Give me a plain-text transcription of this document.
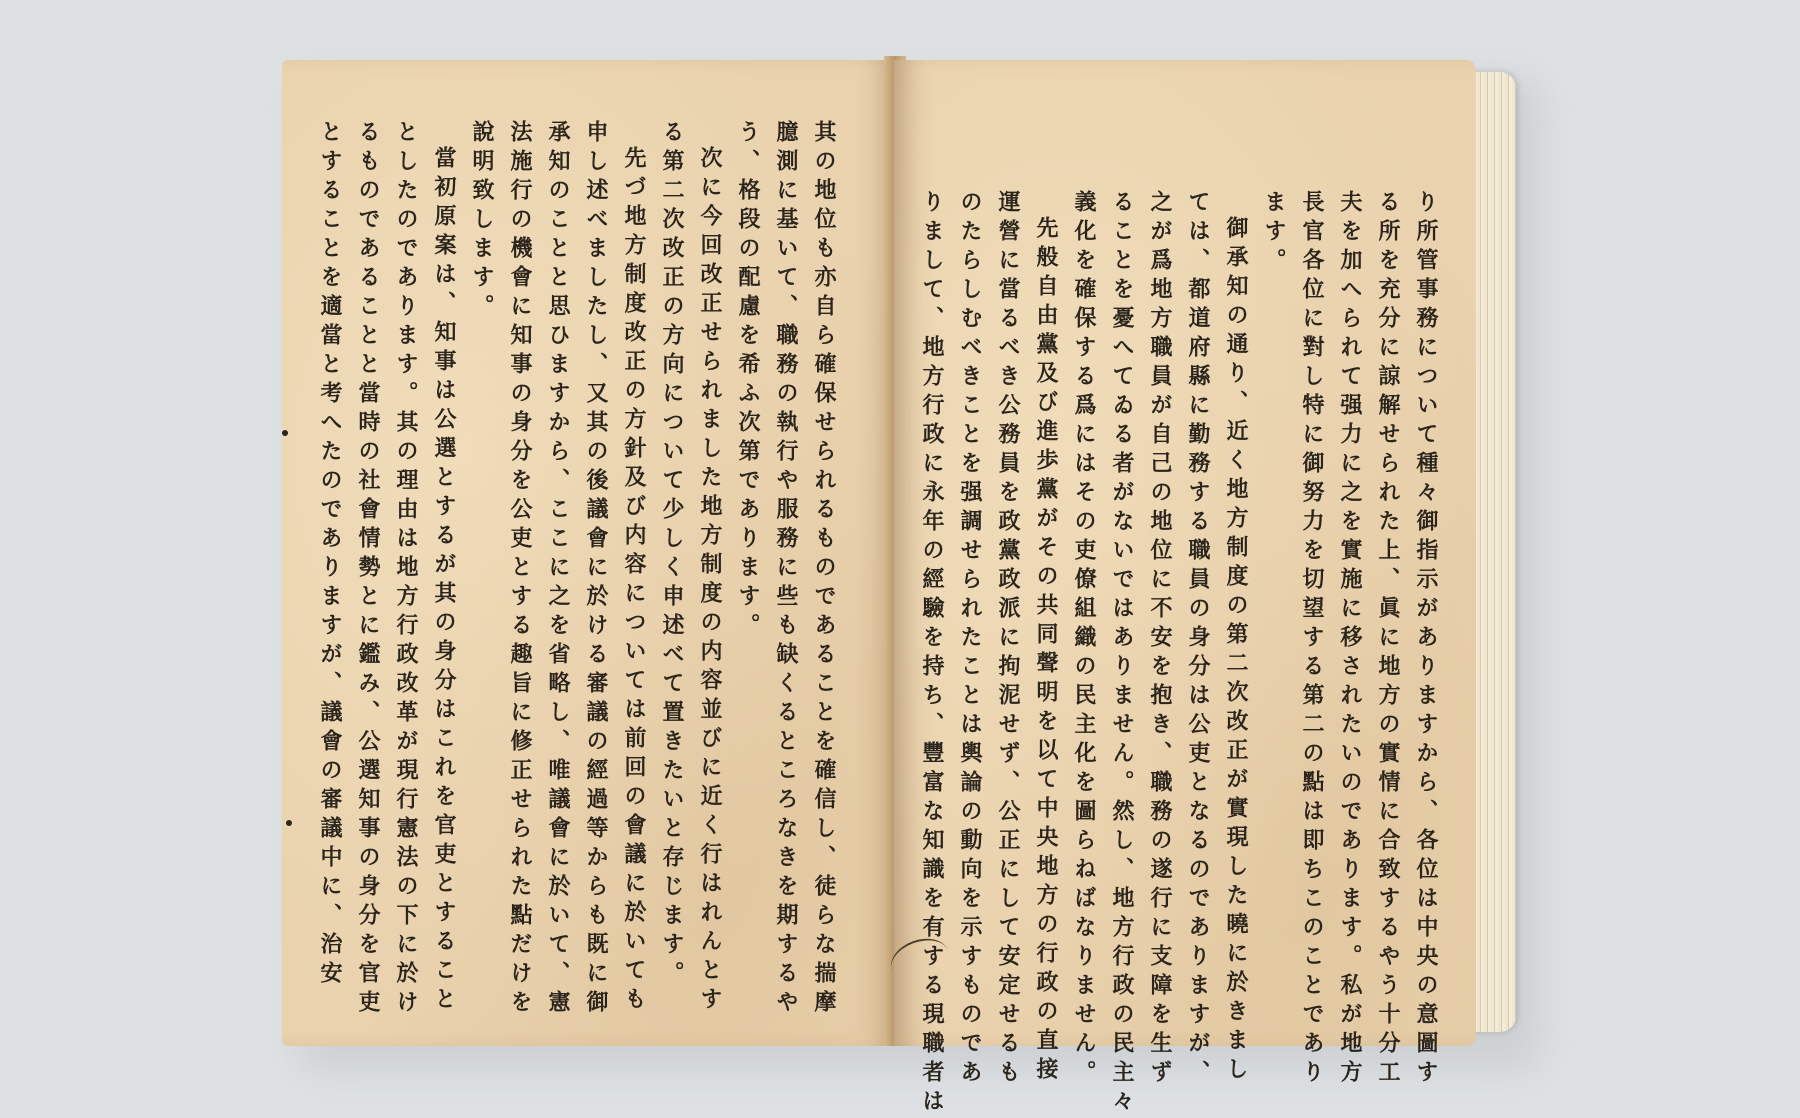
其の地位も亦自ら確保せられるものであることを確信し、徒らな揣摩
臆測に基いて、職務の執行や服務に些も缺くるところなきを期するや
う、格段の配慮を希ふ次第であります。
次に今回改正せられました地方制度の内容並びに近く行はれんとす
る第二次改正の方向について少しく申述べて置きたいと存じます。
先づ地方制度改正の方針及び内容については前回の會議に於いても
申し述べましたし、又其の後議會に於ける審議の經過等からも既に御
承知のことと思ひますから、ここに之を省略し、唯議會に於いて、憲
法施行の機會に知事の身分を公吏とする趣旨に修正せられた點だけを
說明致します。
當初原案は、知事は公選とするが其の身分はこれを官吏とすること
としたのであります。其の理由は地方行政改革が現行憲法の下に於け
るものであることと當時の社會情勢とに鑑み、公選知事の身分を官吏
とすることを適當と考へたのでありますが、議會の審議中に、治安	り所管事務について種々御指示がありますから、各位は中央の意圖す
る所を充分に諒解せられた上、眞に地方の實情に合致するやう十分工
夫を加へられて强力に之を實施に移されたいのであります。私が地方
長官各位に對し特に御努力を切望する第二の點は即ちこのことであり
ます。
御承知の通り、近く地方制度の第二次改正が實現した曉に於きまし
ては、都道府縣に勤務する職員の身分は公吏となるのでありますが、
之が爲地方職員が自己の地位に不安を抱き、職務の遂行に支障を生ず
ることを憂へてゐる者がないではありません。然し、地方行政の民主々
義化を確保する爲にはその吏僚組織の民主化を圖らねばなりません。
先般自由黨及び進歩黨がその共同聲明を以て中央地方の行政の直接
運營に當るべき公務員を政黨政派に拘泥せず、公正にして安定せるも
のたらしむべきことを强調せられたことは輿論の動向を示すものであ
りまして、地方行政に永年の經驗を持ち、豐富な知識を有する現職者は
